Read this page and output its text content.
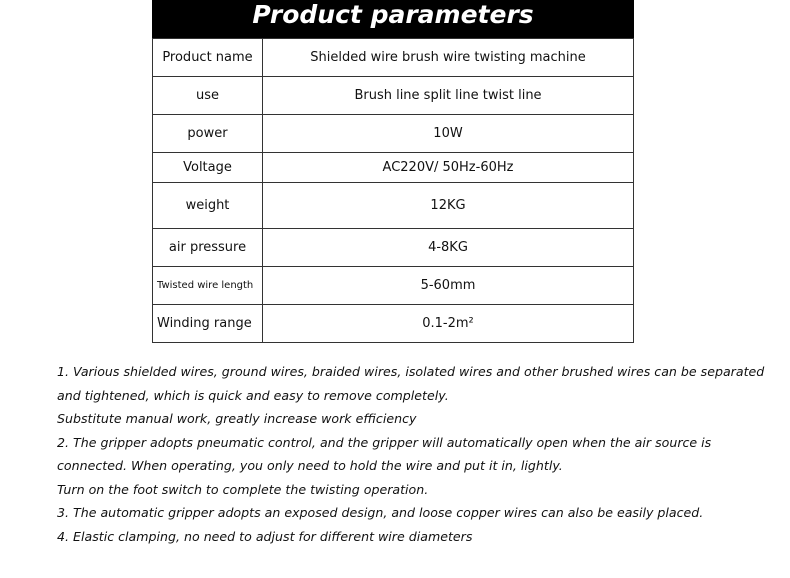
Product parameters
Product name	Shielded wire brush wire twisting machine
use	Brush line split line twist line
power	10W
Voltage	AC220V/ 50Hz-60Hz
weight	12KG
air pressure	4-8KG
Twisted wire length	5-60mm
Winding range	0.1-2m²

1. Various shielded wires, ground wires, braided wires, isolated wires and other brushed wires can be separated and tightened, which is quick and easy to remove completely.

Substitute manual work, greatly increase work efficiency

2. The gripper adopts pneumatic control, and the gripper will automatically open when the air source is connected. When operating, you only need to hold the wire and put it in, lightly.

Turn on the foot switch to complete the twisting operation.

3. The automatic gripper adopts an exposed design, and loose copper wires can also be easily placed.

4. Elastic clamping, no need to adjust for different wire diameters
